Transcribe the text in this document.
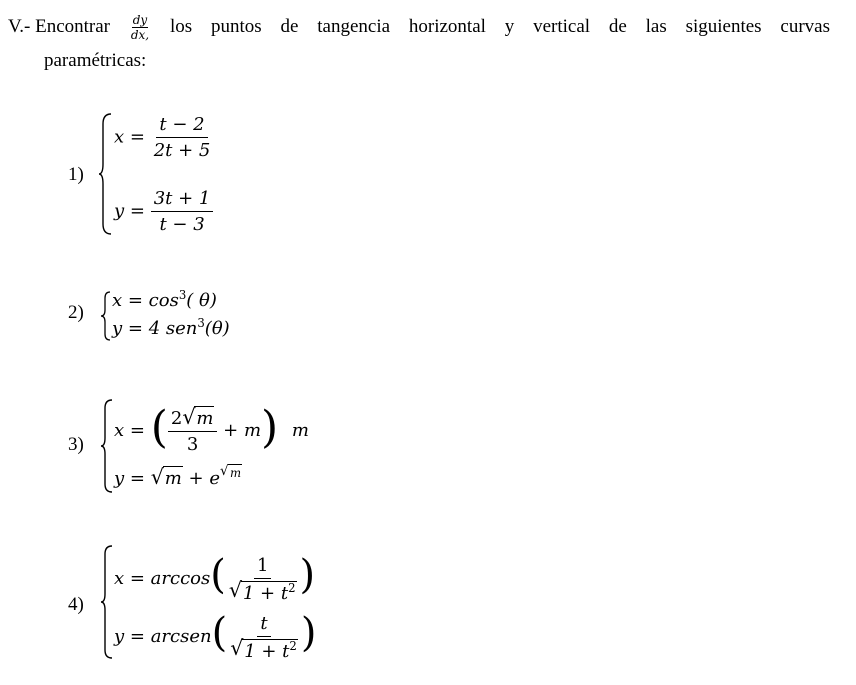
V.- Encontrar $\frac{dy}{dx,}$ los puntos de tangencia horizontal y vertical de las siguientes curvas
paramétricas:
1)
$x = \frac{t - 2}{2t + 5}$
$y = \frac{3t + 1}{t - 3}$
2)
$x = \cos^3$( θ)
y = 4 sen$^3$(θ)
3)
x = ( $\frac{2 √ m}{3} + m$) m
y = √ m + e $^{√ m}$
4)
$x = \arccos( \frac{1}{√ 1 + t^2}$ )
y = arcsen( $\frac{t}{√ 1 + t^2}$ )
